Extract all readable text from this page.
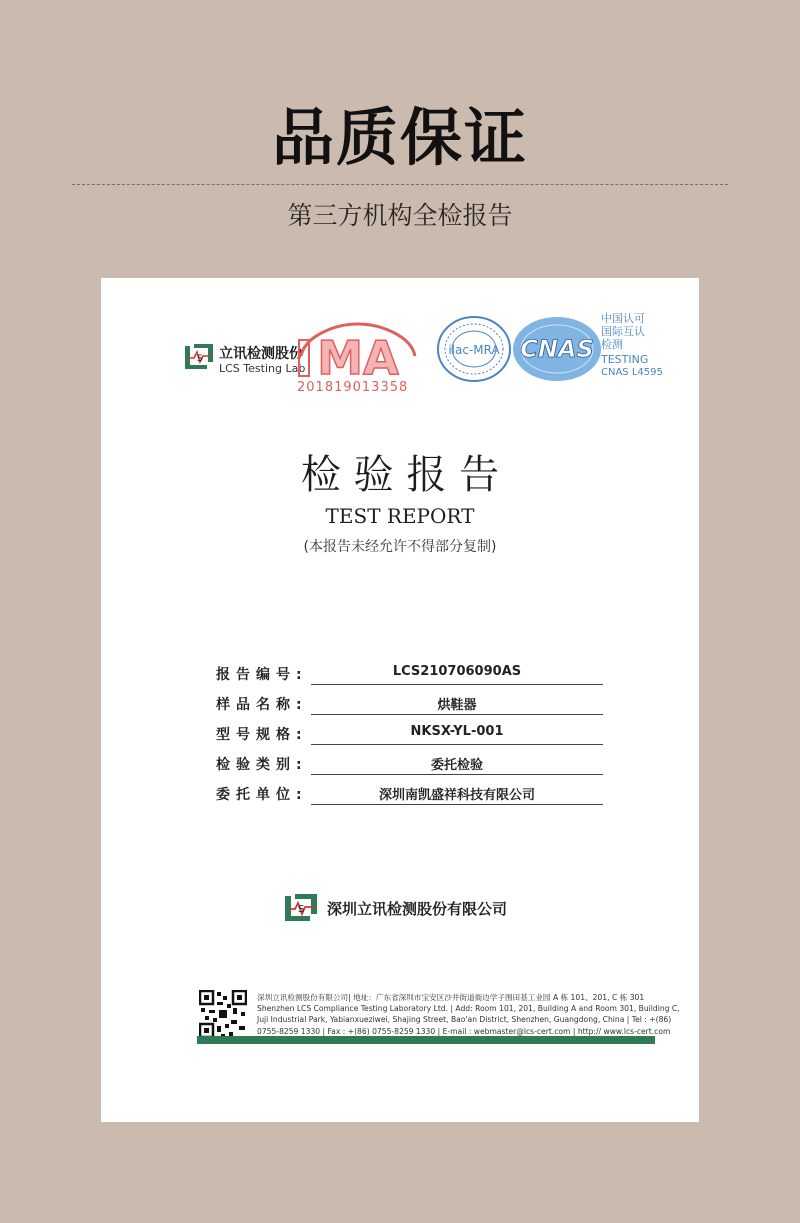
品质保证
第三方机构全检报告
S 立讯检测股份
LCS Testing Lab MA
201819013358
ilac-MRA CNAS
中国认可
国际互认
检测
TESTING
CNAS L4595
检 验 报 告
TEST REPORT
(本报告未经允许不得部分复制)
报告编号:	LCS210706090AS
样品名称:	烘鞋器
型号规格:	NKSX-YL-001
检验类别:	委托检验
委托单位:	深圳南凯盛祥科技有限公司
S 深圳立讯检测股份有限公司
深圳立讯检测股份有限公司| 地址：广东省深圳市宝安区沙井街道衙边学子围田基工业园 A 栋 101、201, C 栋 301
Shenzhen LCS Compliance Testing Laboratory Ltd. | Add: Room 101, 201, Building A and Room 301, Building C,
Juji Industrial Park, Yabianxueziwei, Shajing Street, Bao'an District, Shenzhen, Guangdong, China | Tel : +(86)
0755-8259 1330 | Fax : +(86) 0755-8259 1330 | E-mail : webmaster@lcs-cert.com | http:// www.lcs-cert.com
